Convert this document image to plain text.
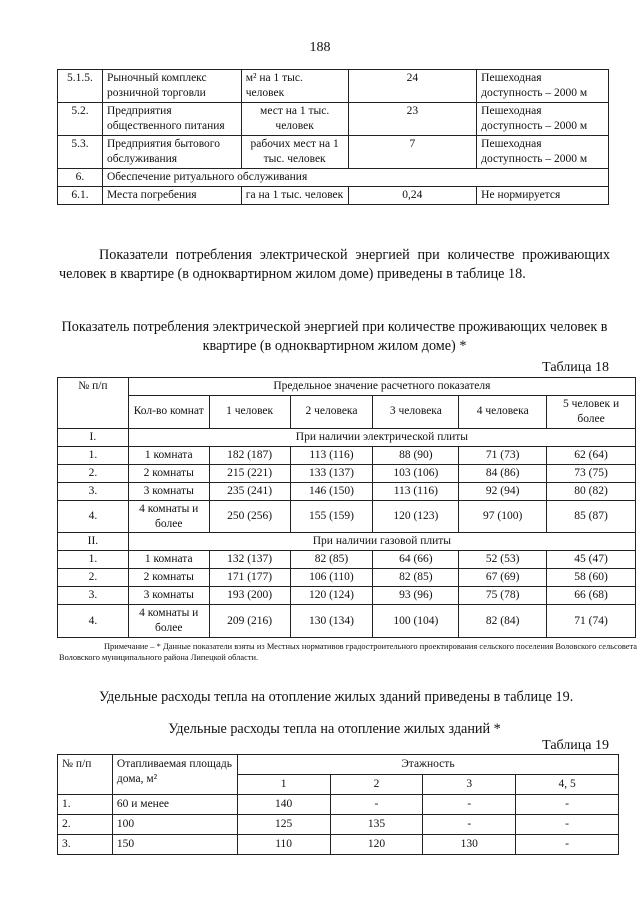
188
5.1.5.	Рыночный комплекс розничной торговли	м² на 1 тыс. человек	24	Пешеходная доступность – 2000 м
5.2.	Предприятия общественного питания	мест на 1 тыс. человек	23	Пешеходная доступность – 2000 м
5.3.	Предприятия бытового обслуживания	рабочих мест на 1 тыс. человек	7	Пешеходная доступность – 2000 м
6.	Обеспечение ритуального обслуживания			
6.1.	Места погребения	га на 1 тыс. человек	0,24	Не нормируется

Показатели потребления электрической энергией при количестве проживающих человек в квартире (в одноквартирном жилом доме) приведены в таблице 18.

Показатель потребления электрической энергией при количестве проживающих человек в квартире (в одноквартирном жилом доме) *

Таблица 18
№ п/п	Предельное значение расчетного показателя					
	Кол-во комнат	1 человек	2 человека	3 человека	4 человека	5 человек и более
I.	При наличии электрической плиты					
1.	1 комната	182 (187)	113 (116)	88 (90)	71 (73)	62 (64)
2.	2 комнаты	215 (221)	133 (137)	103 (106)	84 (86)	73 (75)
3.	3 комнаты	235 (241)	146 (150)	113 (116)	92 (94)	80 (82)
4.	4 комнаты и более	250 (256)	155 (159)	120 (123)	97 (100)	85 (87)
II.	При наличии газовой плиты					
1.	1 комната	132 (137)	82 (85)	64 (66)	52 (53)	45 (47)
2.	2 комнаты	171 (177)	106 (110)	82 (85)	67 (69)	58 (60)
3.	3 комнаты	193 (200)	120 (124)	93 (96)	75 (78)	66 (68)
4.	4 комнаты и более	209 (216)	130 (134)	100 (104)	82 (84)	71 (74)
Примечание – * Данные показатели взяты из Местных нормативов градостроительного проектирования сельского поселения Воловского сельсовета Воловского муниципального района Липецкой области.

Удельные расходы тепла на отопление жилых зданий приведены в таблице 19.

Удельные расходы тепла на отопление жилых зданий *

Таблица 19
№ п/п	Отапливаемая площадь дома, м²	Этажность			
		1	2	3	4, 5
1.	60 и менее	140	-	-	-
2.	100	125	135	-	-
3.	150	110	120	130	-
